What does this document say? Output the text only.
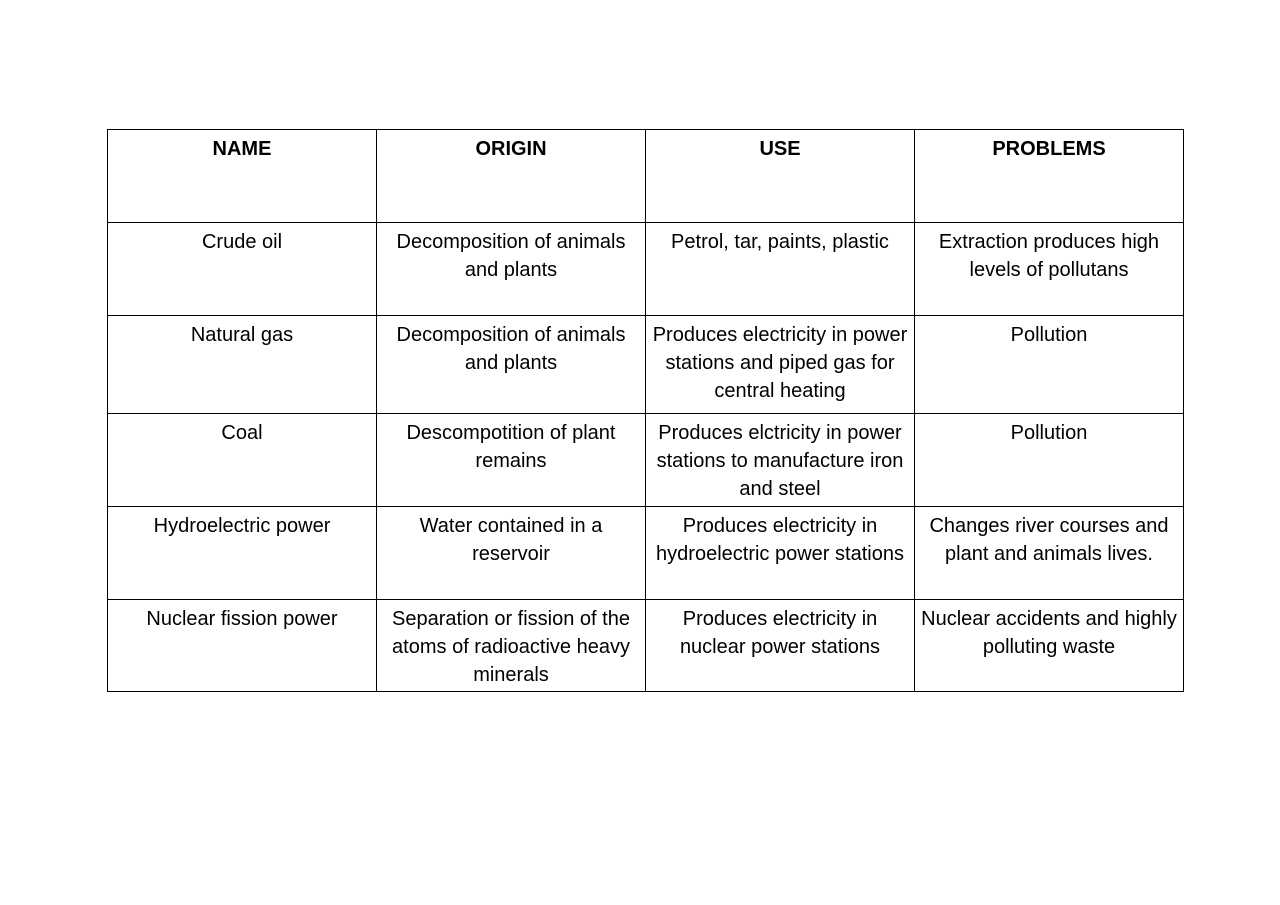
NAME	ORIGIN	USE	PROBLEMS
Crude oil	Decomposition of animals and plants	Petrol, tar, paints, plastic	Extraction produces high levels of pollutans
Natural gas	Decomposition of animals and plants	Produces electricity in power stations and piped gas for central heating	Pollution
Coal	Descompotition of plant remains	Produces elctricity in power stations to manufacture iron and steel	Pollution
Hydroelectric power	Water contained in a reservoir	Produces electricity in hydroelectric power stations	Changes river courses and plant and animals lives.
Nuclear fission power	Separation or fission of the atoms of radioactive heavy minerals	Produces electricity in nuclear power stations	Nuclear accidents and highly polluting waste
